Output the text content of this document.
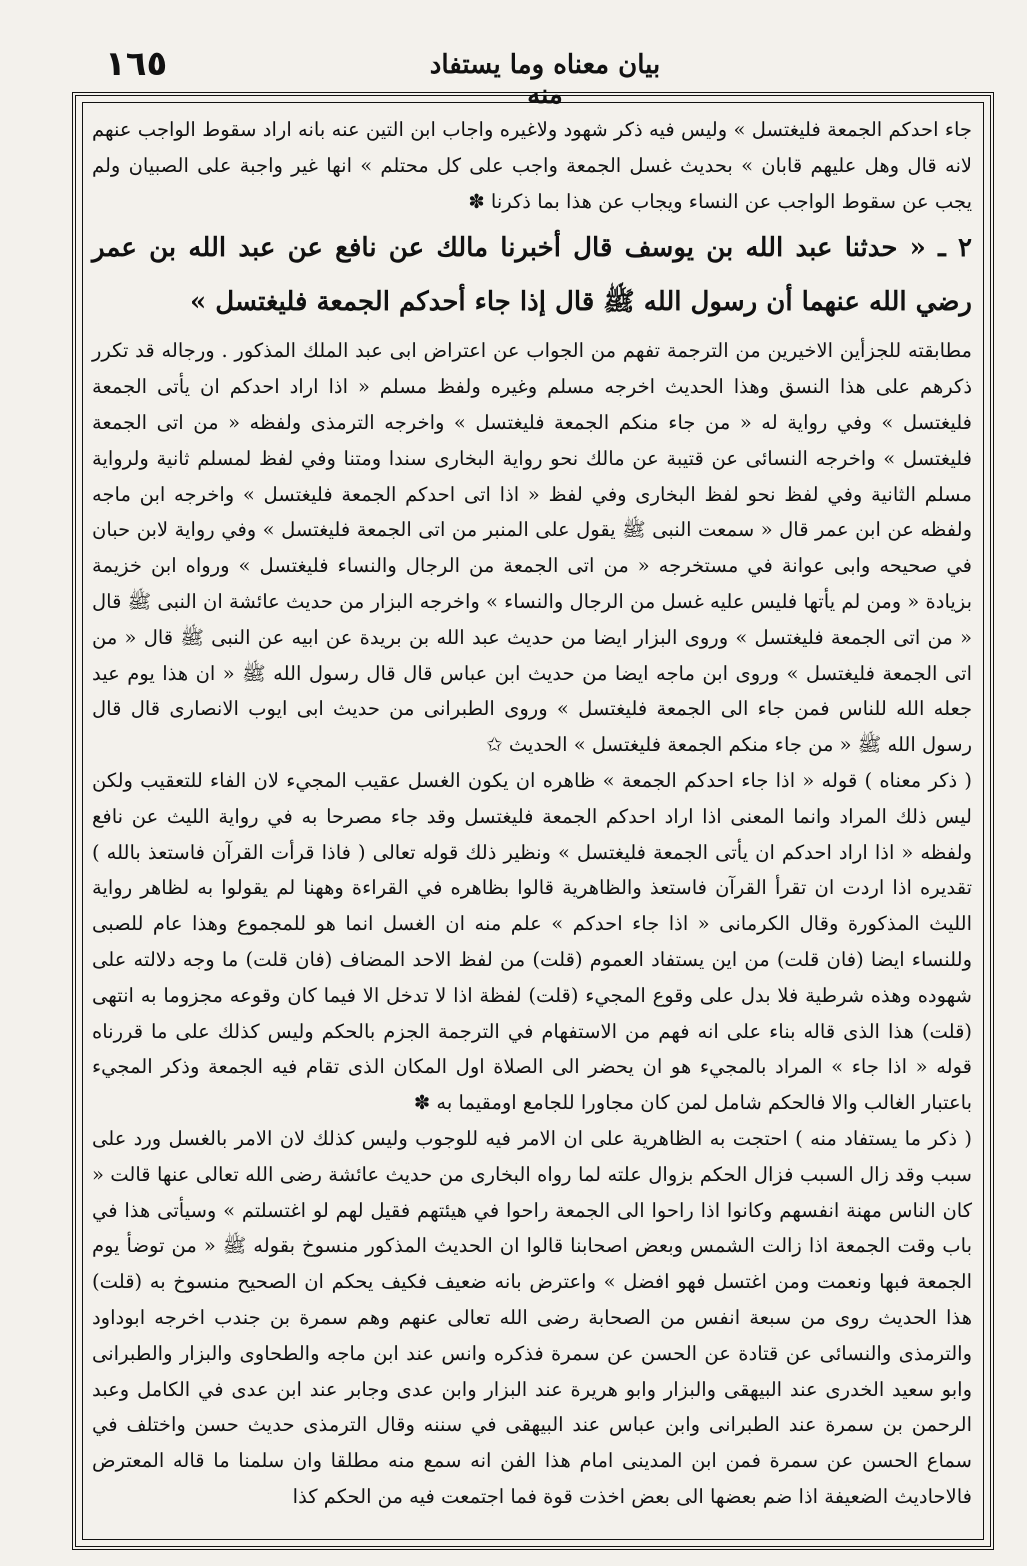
١٦٥	بيان معناه وما يستفاد منه

جاء احدكم الجمعة فليغتسل » وليس فيه ذكر شهود ولاغيره واجاب ابن التين عنه بانه اراد سقوط الواجب عنهم لانه قال وهل عليهم قابان » بحديث غسل الجمعة واجب على كل محتلم » انها غير واجبة على الصبيان ولم يجب عن سقوط الواجب عن النساء ويجاب عن هذا بما ذكرنا ✽

٢ ـ « حدثنا عبد الله بن يوسف قال أخبرنا مالك عن نافع عن عبد الله بن عمر رضي الله عنهما أن رسول الله ﷺ قال إذا جاء أحدكم الجمعة فليغتسل »

مطابقته للجزأين الاخيرين من الترجمة تفهم من الجواب عن اعتراض ابى عبد الملك المذكور . ورجاله قد تكرر ذكرهم على هذا النسق وهذا الحديث اخرجه مسلم وغيره ولفظ مسلم « اذا اراد احدكم ان يأتى الجمعة فليغتسل » وفي رواية له « من جاء منكم الجمعة فليغتسل » واخرجه الترمذى ولفظه « من اتى الجمعة فليغتسل » واخرجه النسائى عن قتيبة عن مالك نحو رواية البخارى سندا ومتنا وفي لفظ لمسلم ثانية ولرواية مسلم الثانية وفي لفظ نحو لفظ البخارى وفي لفظ « اذا اتى احدكم الجمعة فليغتسل » واخرجه ابن ماجه ولفظه عن ابن عمر قال « سمعت النبى ﷺ يقول على المنبر من اتى الجمعة فليغتسل » وفي رواية لابن حبان في صحيحه وابى عوانة في مستخرجه « من اتى الجمعة من الرجال والنساء فليغتسل » ورواه ابن خزيمة بزيادة « ومن لم يأتها فليس عليه غسل من الرجال والنساء » واخرجه البزار من حديث عائشة ان النبى ﷺ قال « من اتى الجمعة فليغتسل » وروى البزار ايضا من حديث عبد الله بن بريدة عن ابيه عن النبى ﷺ قال « من اتى الجمعة فليغتسل » وروى ابن ماجه ايضا من حديث ابن عباس قال قال رسول الله ﷺ « ان هذا يوم عيد جعله الله للناس فمن جاء الى الجمعة فليغتسل » وروى الطبرانى من حديث ابى ايوب الانصارى قال قال رسول الله ﷺ « من جاء منكم الجمعة فليغتسل » الحديث ✩

( ذكر معناه ) قوله « اذا جاء احدكم الجمعة » ظاهره ان يكون الغسل عقيب المجيء لان الفاء للتعقيب ولكن ليس ذلك المراد وانما المعنى اذا اراد احدكم الجمعة فليغتسل وقد جاء مصرحا به في رواية الليث عن نافع ولفظه « اذا اراد احدكم ان يأتى الجمعة فليغتسل » ونظير ذلك قوله تعالى ( فاذا قرأت القرآن فاستعذ بالله ) تقديره اذا اردت ان تقرأ القرآن فاستعذ والظاهرية قالوا بظاهره في القراءة وههنا لم يقولوا به لظاهر رواية الليث المذكورة وقال الكرمانى « اذا جاء احدكم » علم منه ان الغسل انما هو للمجموع وهذا عام للصبى وللنساء ايضا (فان قلت) من اين يستفاد العموم (قلت) من لفظ الاحد المضاف (فان قلت) ما وجه دلالته على شهوده وهذه شرطية فلا بدل على وقوع المجيء (قلت) لفظة اذا لا تدخل الا فيما كان وقوعه مجزوما به انتهى (قلت) هذا الذى قاله بناء على انه فهم من الاستفهام في الترجمة الجزم بالحكم وليس كذلك على ما قررناه قوله « اذا جاء » المراد بالمجيء هو ان يحضر الى الصلاة اول المكان الذى تقام فيه الجمعة وذكر المجيء باعتبار الغالب والا فالحكم شامل لمن كان مجاورا للجامع اومقيما به ✽

( ذكر ما يستفاد منه ) احتجت به الظاهرية على ان الامر فيه للوجوب وليس كذلك لان الامر بالغسل ورد على سبب وقد زال السبب فزال الحكم بزوال علته لما رواه البخارى من حديث عائشة رضى الله تعالى عنها قالت « كان الناس مهنة انفسهم وكانوا اذا راحوا الى الجمعة راحوا في هيئتهم فقيل لهم لو اغتسلتم » وسيأتى هذا في باب وقت الجمعة اذا زالت الشمس وبعض اصحابنا قالوا ان الحديث المذكور منسوخ بقوله ﷺ « من توضأ يوم الجمعة فبها ونعمت ومن اغتسل فهو افضل » واعترض بانه ضعيف فكيف يحكم ان الصحيح منسوخ به (قلت) هذا الحديث روى من سبعة انفس من الصحابة رضى الله تعالى عنهم وهم سمرة بن جندب اخرجه ابوداود والترمذى والنسائى عن قتادة عن الحسن عن سمرة فذكره وانس عند ابن ماجه والطحاوى والبزار والطبرانى وابو سعيد الخدرى عند البيهقى والبزار وابو هريرة عند البزار وابن عدى وجابر عند ابن عدى في الكامل وعبد الرحمن بن سمرة عند الطبرانى وابن عباس عند البيهقى في سننه وقال الترمذى حديث حسن واختلف في سماع الحسن عن سمرة فمن ابن المدينى امام هذا الفن انه سمع منه مطلقا وان سلمنا ما قاله المعترض فالاحاديث الضعيفة اذا ضم بعضها الى بعض اخذت قوة فما اجتمعت فيه من الحكم كذا
